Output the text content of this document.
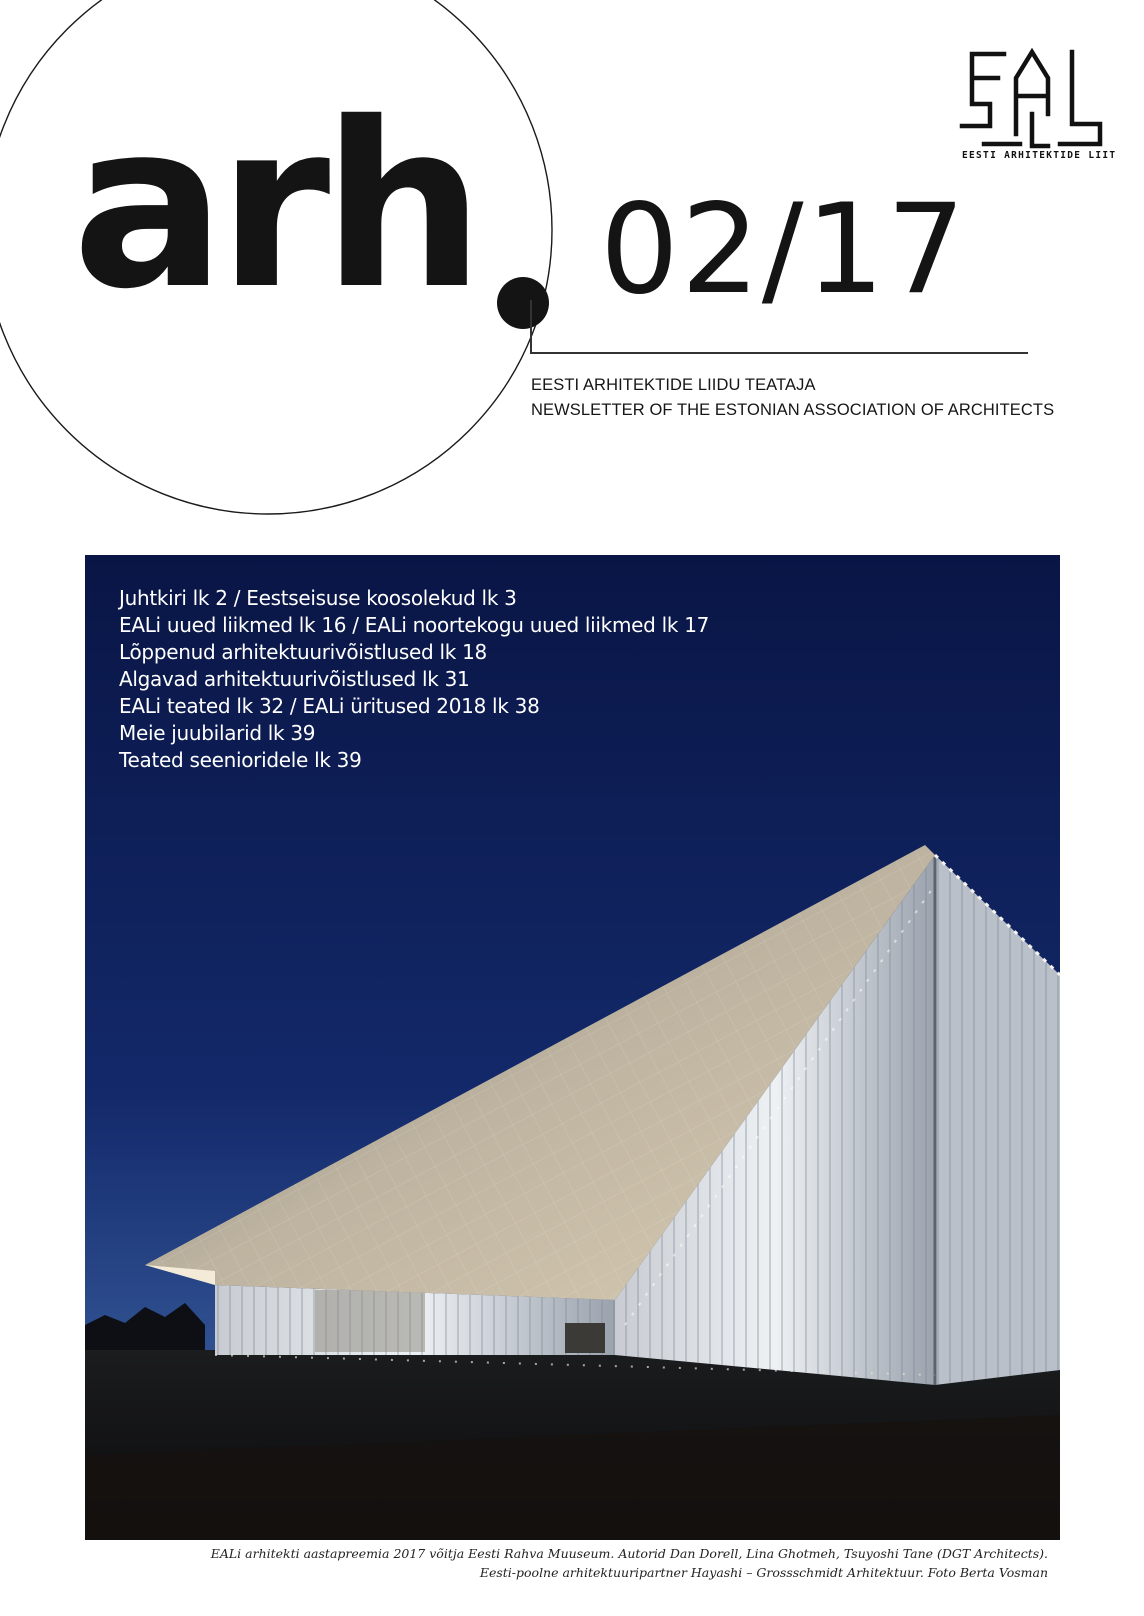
arh 02/17
EESTI ARHITEKTIDE LIIDU TEATAJA
NEWSLETTER OF THE ESTONIAN ASSOCIATION OF ARCHITECTS
EAL
EESTI ARHITEKTIDE LIIT
Juhtkiri lk 2 / Eestseisuse koosolekud lk 3
EALi uued liikmed lk 16 / EALi noortekogu uued liikmed lk 17
Lõppenud arhitektuurivõistlused lk 18
Algavad arhitektuurivõistlused lk 31
EALi teated lk 32 / EALi üritused 2018 lk 38
Meie juubilarid lk 39
Teated seenioridele lk 39
EALi arhitekti aastapreemia 2017 võitja Eesti Rahva Muuseum. Autorid Dan Dorell, Lina Ghotmeh, Tsuyoshi Tane (DGT Architects).
Eesti-poolne arhitektuuripartner Hayashi – Grossschmidt Arhitektuur. Foto Berta Vosman
